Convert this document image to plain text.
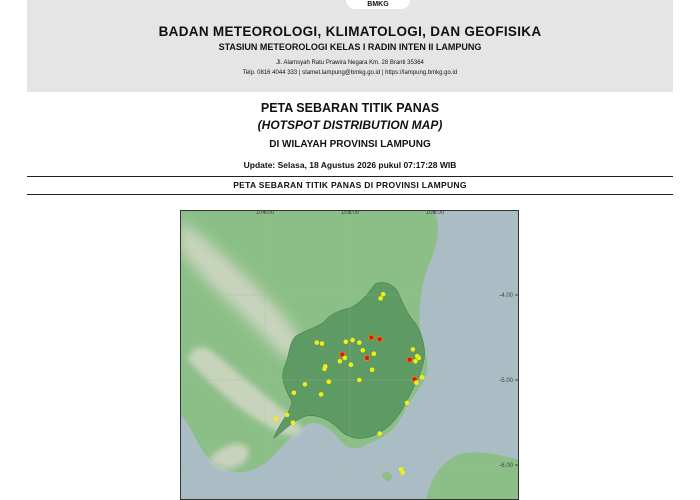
BMKG
BADAN METEOROLOGI, KLIMATOLOGI, DAN GEOFISIKA
STASIUN METEOROLOGI KELAS I RADIN INTEN II LAMPUNG
Jl. Alamsyah Ratu Prawira Negara Km. 28 Branti 35364
Telp. 0816 4044 333 | stamet.lampung@bmkg.go.id | https://lampung.bmkg.go.id
PETA SEBARAN TITIK PANAS
(HOTSPOT DISTRIBUTION MAP)
DI WILAYAH PROVINSI LAMPUNG
Update: Selasa, 18 Agustus 2026 pukul 07:17:28 WIB
PETA SEBARAN TITIK PANAS DI PROVINSI LAMPUNG
104.00	105.00	106.00
-4.00
-5.00
-6.00
